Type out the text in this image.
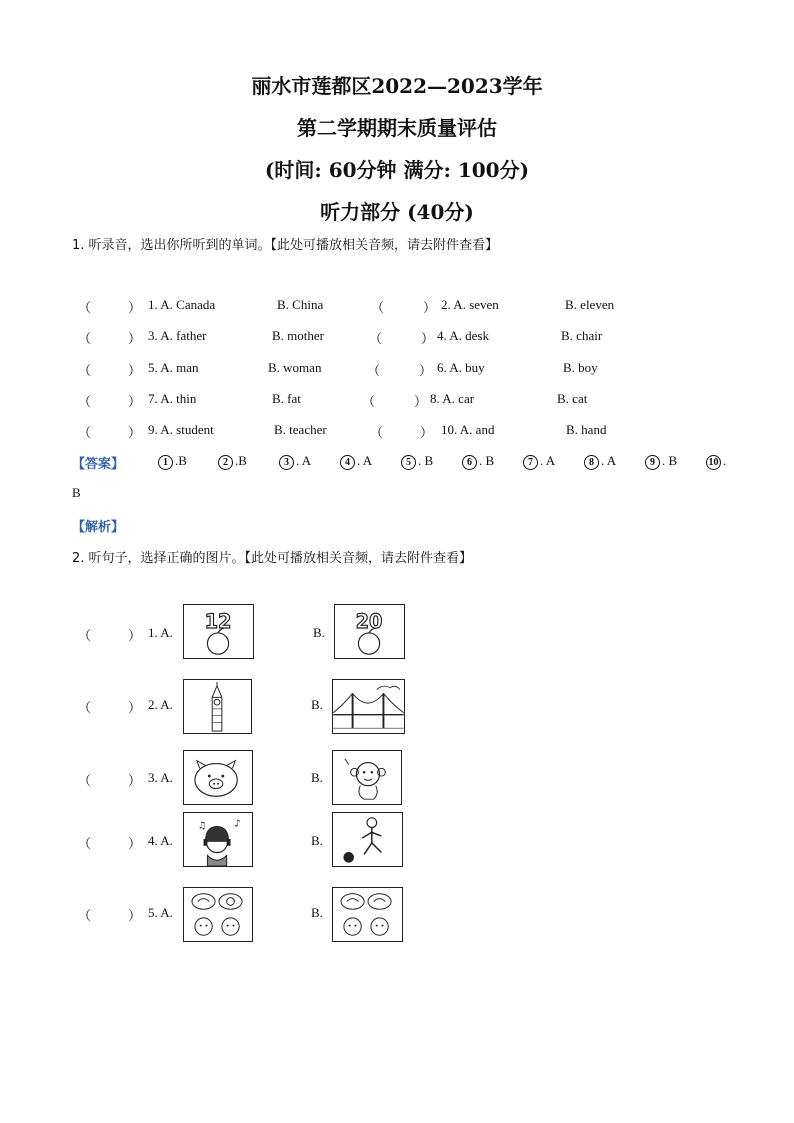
丽水市莲都区2022—2023学年
第二学期期末质量评估
(时间: 60分钟 满分: 100分)
听力部分 (40分)
1. 听录音，选出你所听到的单词。【此处可播放相关音频，请去附件查看】
（	） 1. A. Canada	B. China	（	） 2. A. seven	B. eleven
（	） 3. A. father	B. mother	（	） 4. A. desk	B. chair
（	） 5. A. man	B. woman	（	） 6. A. buy	B. boy
（	） 7. A. thin	B. fat	（	） 8. A. car	B. cat
（	） 9. A. student	B. teacher	（	） 10. A. and	B. hand
【答案】	1 .B	2 .B	3 . A	4 . A	5 . B	6 . B	7 . A	8 . A	9 . B	10 .
B
【解析】
2. 听句子，选择正确的图片。【此处可播放相关音频，请去附件查看】
（	） 1. A.	B.
（	） 2. A.	B.
（	） 3. A.	B.
（	） 4. A.	B.
（	） 5. A.	B.
12	20
♪
♫
